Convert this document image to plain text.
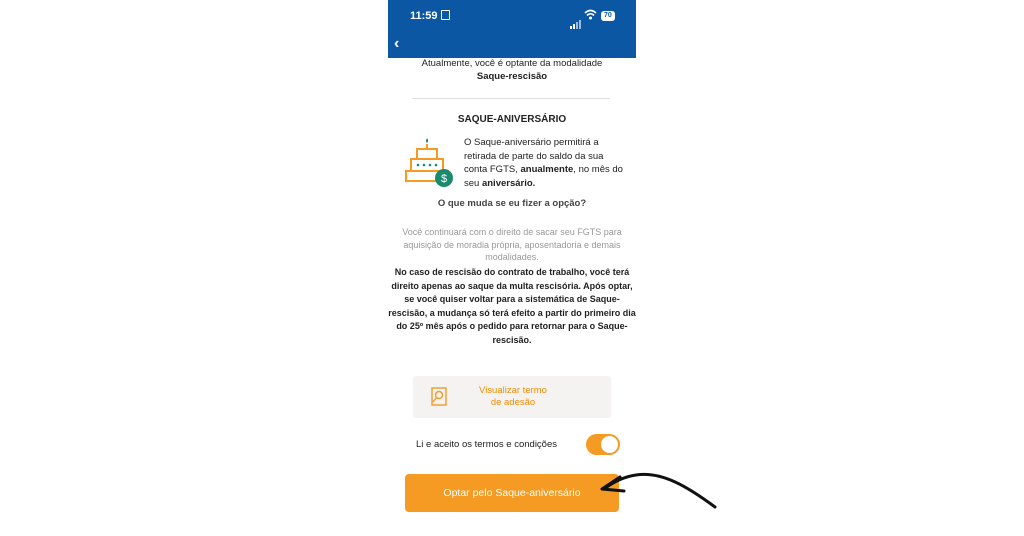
11:59	70
‹
Atualmente, você é optante da modalidade
Saque-rescisão
SAQUE-ANIVERSÁRIO
$
O Saque-aniversário permitirá a retirada de parte do saldo da sua conta FGTS, anualmente, no mês do seu aniversário.
O que muda se eu fizer a opção?
Você continuará com o direito de sacar seu FGTS para aquisição de moradia própria, aposentadoria e demais modalidades.
No caso de rescisão do contrato de trabalho, você terá direito apenas ao saque da multa rescisória. Após optar, se você quiser voltar para a sistemática de Saque-rescisão, a mudança só terá efeito a partir do primeiro dia do 25º mês após o pedido para retornar para o Saque-rescisão.
Visualizar termo
de adesão
Li e aceito os termos e condições
Optar pelo Saque-aniversário
